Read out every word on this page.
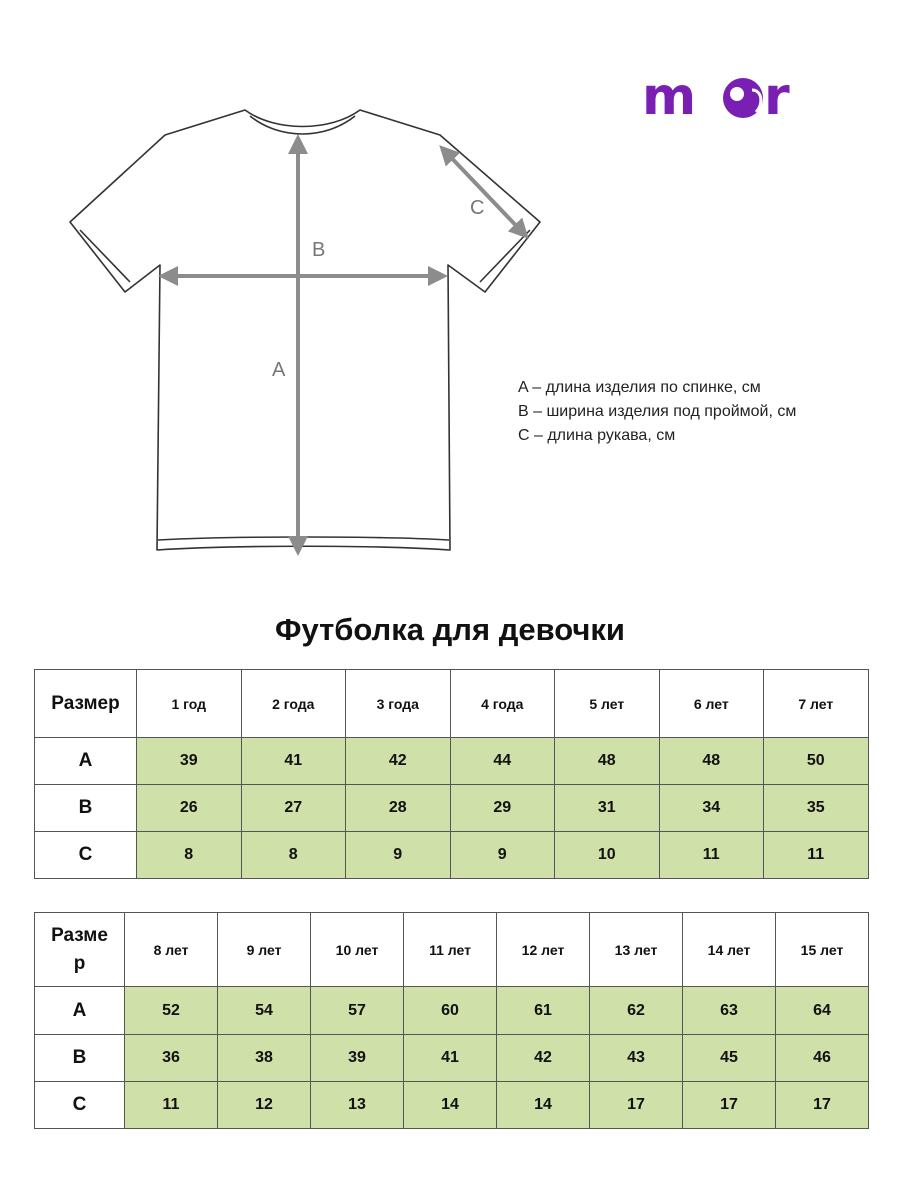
A
B
C
m r
A – длина изделия по спинке, см
B – ширина изделия под проймой, см
C – длина рукава, см
Футболка для девочки
Размер	1 год	2 года	3 года	4 года	5 лет	6 лет	7 лет
A	39	41	42	44	48	48	50
B	26	27	28	29	31	34	35
C	8	8	9	9	10	11	11
Разме
р	8 лет	9 лет	10 лет	11 лет	12 лет	13 лет	14 лет	15 лет
A	52	54	57	60	61	62	63	64
B	36	38	39	41	42	43	45	46
C	11	12	13	14	14	17	17	17
